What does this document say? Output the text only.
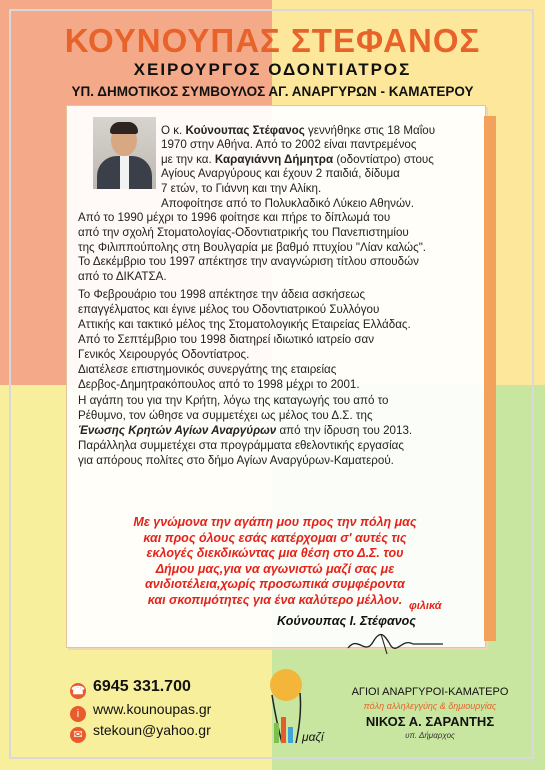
ΚΟΥΝΟΥΠΑΣ ΣΤΕΦΑΝΟΣ
ΧΕΙΡΟΥΡΓΟΣ ΟΔΟΝΤΙΑΤΡΟΣ
ΥΠ. ΔΗΜΟΤΙΚΟΣ ΣΥΜΒΟΥΛΟΣ ΑΓ. ΑΝΑΡΓΥΡΩΝ - ΚΑΜΑΤΕΡΟΥ
Ο κ. Κούνουπας Στέφανος γεννήθηκε στις 18 Μαΐου
1970 στην Αθήνα. Από το 2002 είναι παντρεμένος
με την κα. Καραγιάννη Δήμητρα (οδοντίατρο) στους
Αγίους Αναργύρους και έχουν 2 παιδιά, δίδυμα
7 ετών, το Γιάννη και την Αλίκη.
Αποφοίτησε από το Πολυκλαδικό Λύκειο Αθηνών.
Από το 1990 μέχρι το 1996 φοίτησε και πήρε το δίπλωμά του
από την σχολή Στοματολογίας-Οδοντιατρικής του Πανεπιστημίου
της Φιλιππούπολης στη Βουλγαρία με βαθμό πτυχίου "Λίαν καλώς".
Το Δεκέμβριο του 1997 απέκτησε την αναγνώριση τίτλου σπουδών
από το ΔΙΚΑΤΣΑ.
Το Φεβρουάριο του 1998 απέκτησε την άδεια ασκήσεως
επαγγέλματος και έγινε μέλος του Οδοντιατρικού Συλλόγου
Αττικής και τακτικό μέλος της Στοματολογικής Εταιρείας Ελλάδας.
Από το Σεπτέμβριο του 1998 διατηρεί ιδιωτικό ιατρείο σαν
Γενικός Χειρουργός Οδοντίατρος.
Διατέλεσε επιστημονικός συνεργάτης της εταιρείας
Δερβος-Δημητρακόπουλος από το 1998 μέχρι το 2001.
Η αγάπη του για την Κρήτη, λόγω της καταγωγής του από το
Ρέθυμνο, τον ώθησε να συμμετέχει ως μέλος του Δ.Σ. της
Ένωσης Κρητών Αγίων Αναργύρων από την ίδρυση του 2013.
Παράλληλα συμμετέχει στα προγράμματα εθελοντικής εργασίας
για απόρους πολίτες στο δήμο Αγίων Αναργύρων-Καματερού.
Με γνώμονα την αγάπη μου προς την πόλη μας
και προς όλους εσάς κατέρχομαι σ' αυτές τις
εκλογές διεκδικώντας μια θέση στο Δ.Σ. του
Δήμου μας,για να αγωνιστώ μαζί σας με
ανιδιοτέλεια,χωρίς προσωπικά συμφέροντα
και σκοπιμότητες για ένα καλύτερο μέλλον. φιλικά
Κούνουπας Ι. Στέφανος
☎ 6945 331.700
i www.kounoupas.gr
✉ stekoun@yahoo.gr	μαζί
ΑΓΙΟΙ ΑΝΑΡΓΥΡΟΙ-ΚΑΜΑΤΕΡΟ
πόλη αλληλεγγύης & δημιουργίας
ΝΙΚΟΣ Α. ΣΑΡΑΝΤΗΣ
υπ. Δήμαρχος
